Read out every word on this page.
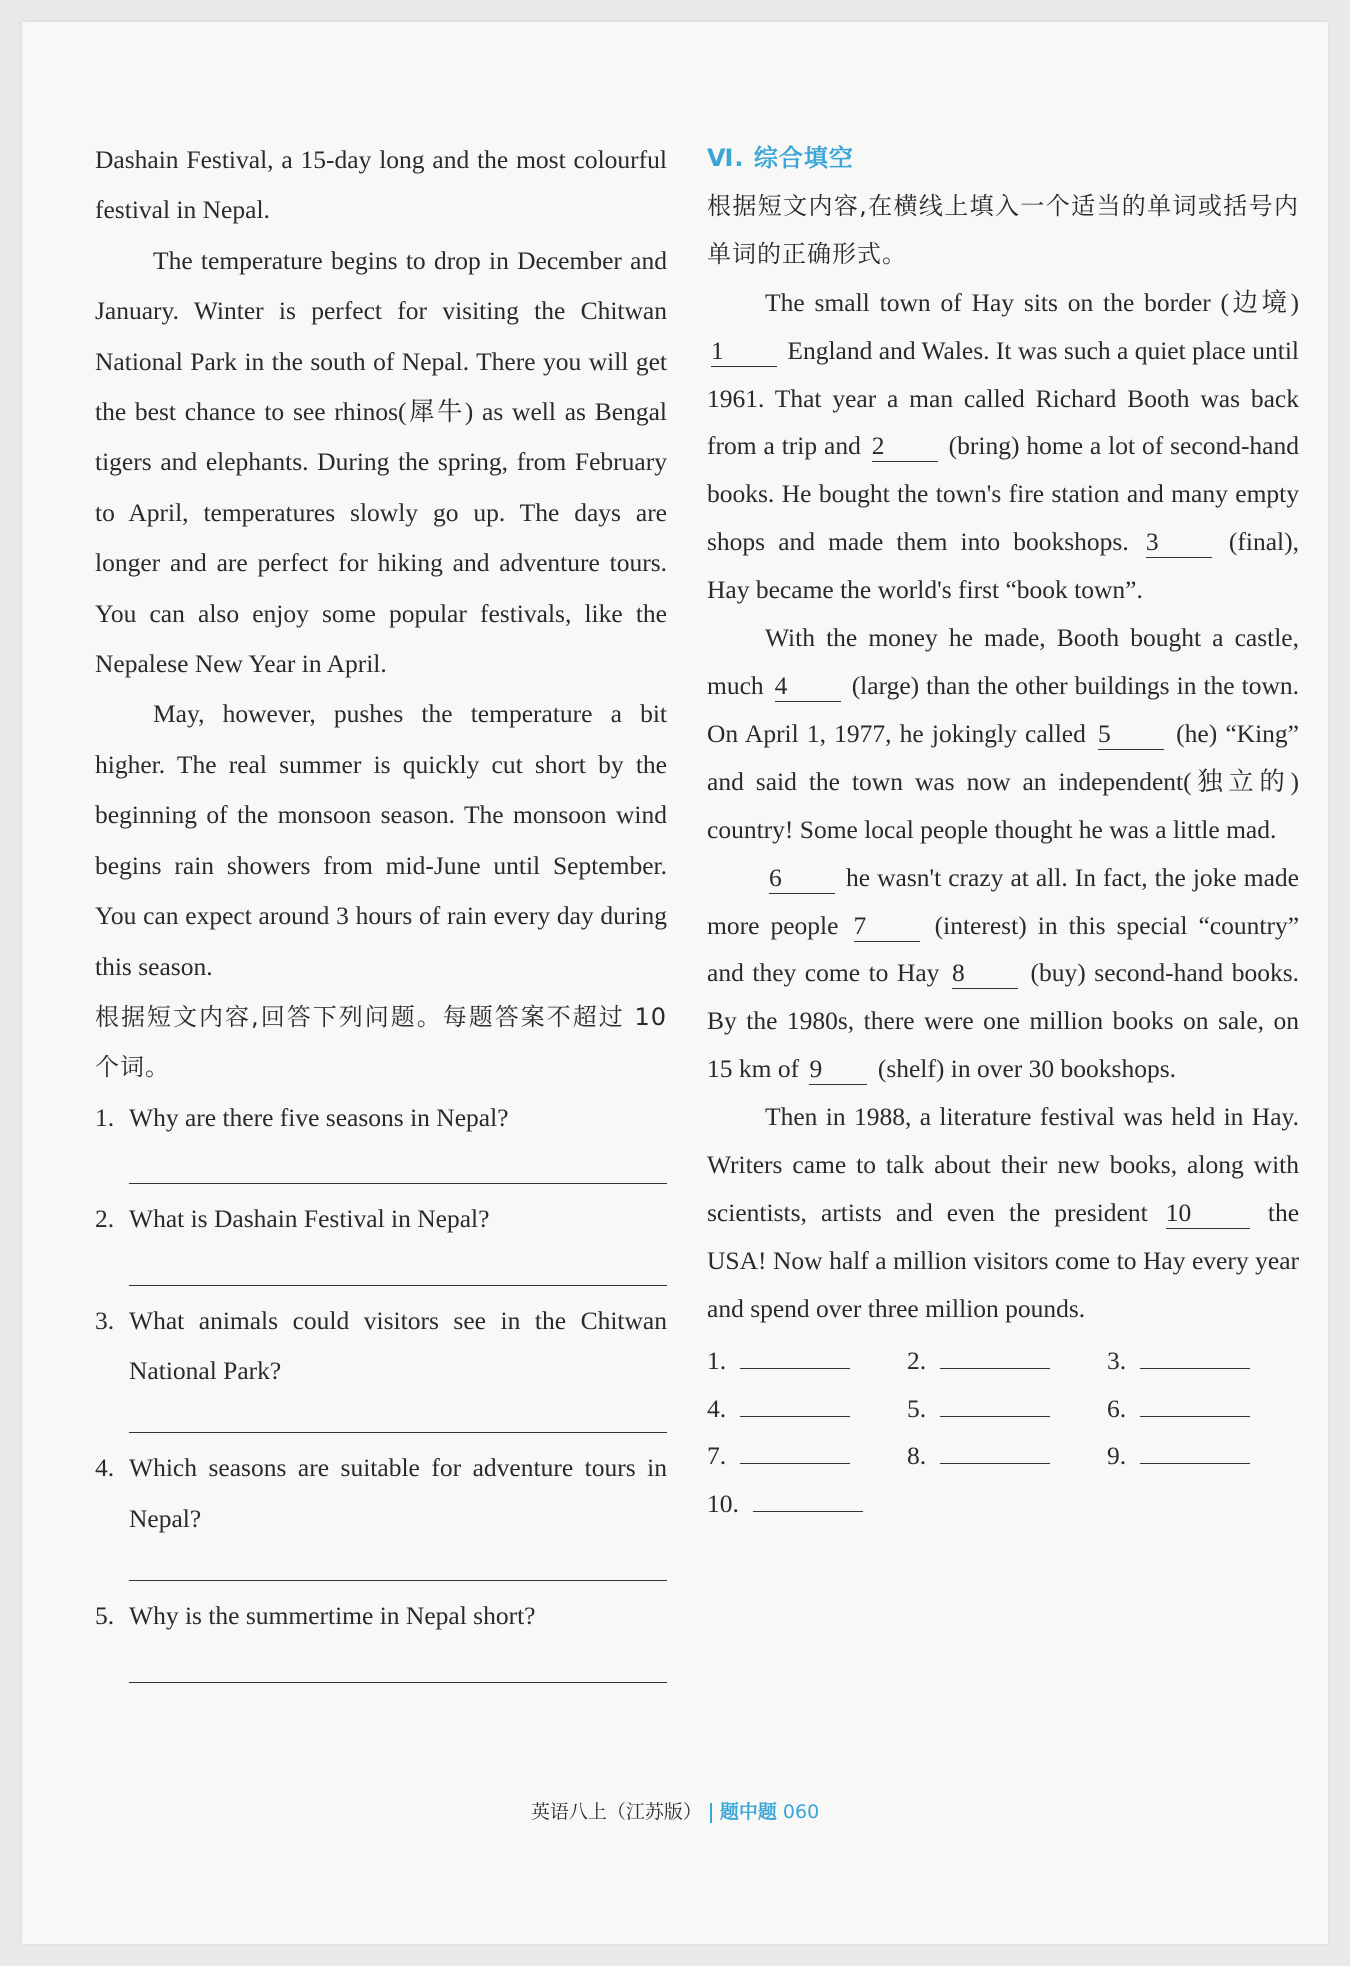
Dashain Festival, a 15-day long and the most colourful festival in Nepal.

The temperature begins to drop in December and January. Winter is perfect for visiting the Chitwan National Park in the south of Nepal. There you will get the best chance to see rhinos(犀牛) as well as Bengal tigers and elephants. During the spring, from February to April, temperatures slowly go up. The days are longer and are perfect for hiking and adventure tours. You can also enjoy some popular festivals, like the Nepalese New Year in April.

May, however, pushes the temperature a bit higher. The real summer is quickly cut short by the beginning of the monsoon season. The monsoon wind begins rain showers from mid-June until September. You can expect around 3 hours of rain every day during this season.

根据短文内容,回答下列问题。每题答案不超过 10 个词。

1. Why are there five seasons in Nepal?
2. What is Dashain Festival in Nepal?
3. What animals could visitors see in the Chitwan National Park?
4. Which seasons are suitable for adventure tours in Nepal?
5. Why is the summertime in Nepal short?
Ⅵ. 综合填空

根据短文内容,在横线上填入一个适当的单词或括号内单词的正确形式。

The small town of Hay sits on the border (边境) 1 England and Wales. It was such a quiet place until 1961. That year a man called Richard Booth was back from a trip and 2	(bring) home a lot of second-hand books. He bought the town's fire station and many empty shops and made them into bookshops. 3	(final), Hay became the world's first “book town”.

With the money he made, Booth bought a castle, much 4	(large) than the other buildings in the town. On April 1, 1977, he jokingly called 5	(he) “King” and said the town was now an independent(独立的) country! Some local people thought he was a little mad.

6	he wasn't crazy at all. In fact, the joke made more people 7	(interest) in this special “country” and they come to Hay 8	(buy) second-hand books. By the 1980s, there were one million books on sale, on 15 km of 9 (shelf) in over 30 bookshops.

Then in 1988, a literature festival was held in Hay. Writers came to talk about their new books, along with scientists, artists and even the president 10	the USA! Now half a million visitors come to Hay every year and spend over three million pounds.

1.	2.	3.
4.	5.	6.
7.	8.	9.
10.
英语八上（江苏版） 题中题 060
